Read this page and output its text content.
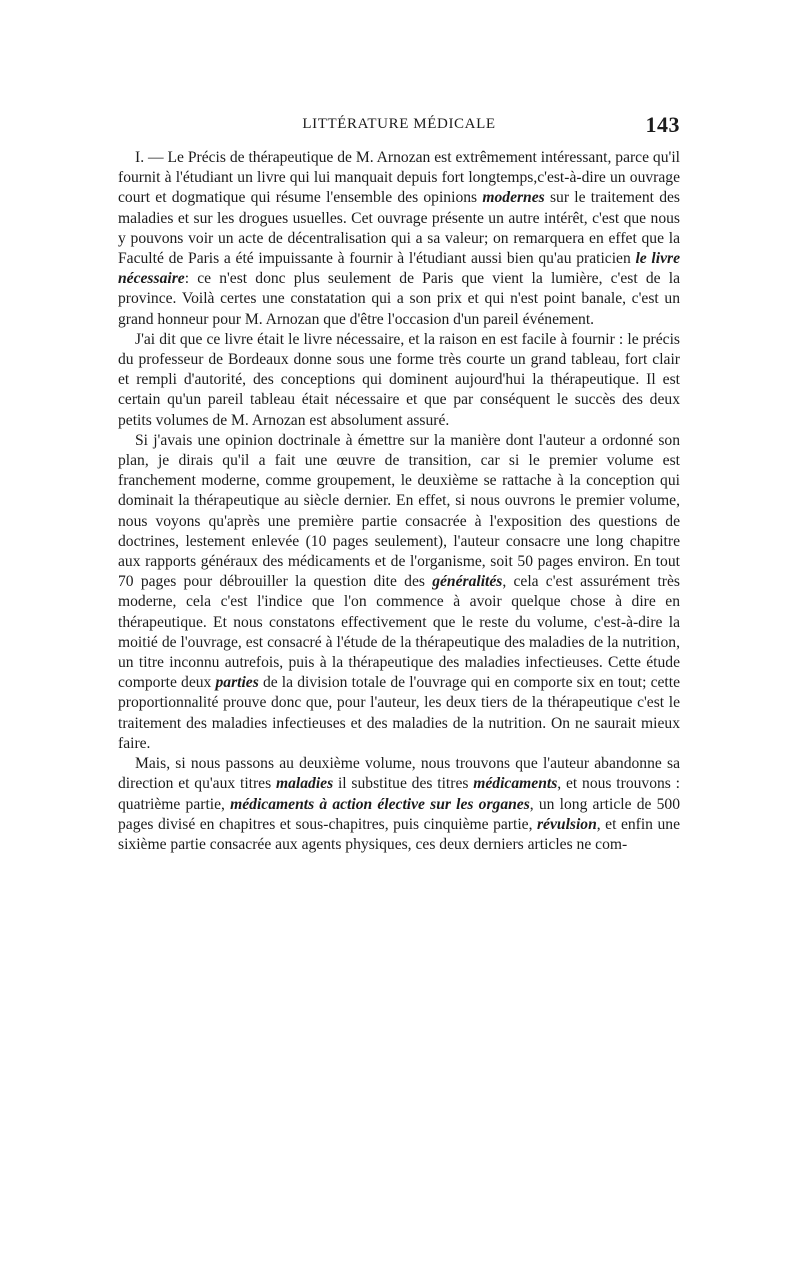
LITTÉRATURE MÉDICALE	143

I. — Le Précis de thérapeutique de M. Arnozan est extrêmement intéressant, parce qu'il fournit à l'étudiant un livre qui lui manquait depuis fort longtemps,c'est-à-dire un ouvrage court et dogmatique qui résume l'ensemble des opinions modernes sur le traitement des maladies et sur les drogues usuelles. Cet ouvrage présente un autre intérêt, c'est que nous y pouvons voir un acte de décentralisation qui a sa valeur; on remarquera en effet que la Faculté de Paris a été impuissante à fournir à l'étudiant aussi bien qu'au praticien le livre nécessaire: ce n'est donc plus seulement de Paris que vient la lumière, c'est de la province. Voilà certes une constatation qui a son prix et qui n'est point banale, c'est un grand honneur pour M. Arnozan que d'être l'occasion d'un pareil événement.

J'ai dit que ce livre était le livre nécessaire, et la raison en est facile à fournir : le précis du professeur de Bordeaux donne sous une forme très courte un grand tableau, fort clair et rempli d'autorité, des conceptions qui dominent aujourd'hui la thérapeutique. Il est certain qu'un pareil tableau était nécessaire et que par conséquent le succès des deux petits volumes de M. Arnozan est absolument assuré.

Si j'avais une opinion doctrinale à émettre sur la manière dont l'auteur a ordonné son plan, je dirais qu'il a fait une œuvre de transition, car si le premier volume est franchement moderne, comme groupement, le deuxième se rattache à la conception qui dominait la thérapeutique au siècle dernier. En effet, si nous ouvrons le premier volume, nous voyons qu'après une première partie consacrée à l'exposition des questions de doctrines, lestement enlevée (10 pages seulement), l'auteur consacre une long chapitre aux rapports généraux des médicaments et de l'organisme, soit 50 pages environ. En tout 70 pages pour débrouiller la question dite des généralités, cela c'est assurément très moderne, cela c'est l'indice que l'on commence à avoir quelque chose à dire en thérapeutique. Et nous constatons effectivement que le reste du volume, c'est-à-dire la moitié de l'ouvrage, est consacré à l'étude de la thérapeutique des maladies de la nutrition, un titre inconnu autrefois, puis à la thérapeutique des maladies infectieuses. Cette étude comporte deux parties de la division totale de l'ouvrage qui en comporte six en tout; cette proportionnalité prouve donc que, pour l'auteur, les deux tiers de la thérapeutique c'est le traitement des maladies infectieuses et des maladies de la nutrition. On ne saurait mieux faire.

Mais, si nous passons au deuxième volume, nous trouvons que l'auteur abandonne sa direction et qu'aux titres maladies il substitue des titres médicaments, et nous trouvons : quatrième partie, médicaments à action élective sur les organes, un long article de 500 pages divisé en chapitres et sous-chapitres, puis cinquième partie, révulsion, et enfin une sixième partie consacrée aux agents physiques, ces deux derniers articles ne com-
